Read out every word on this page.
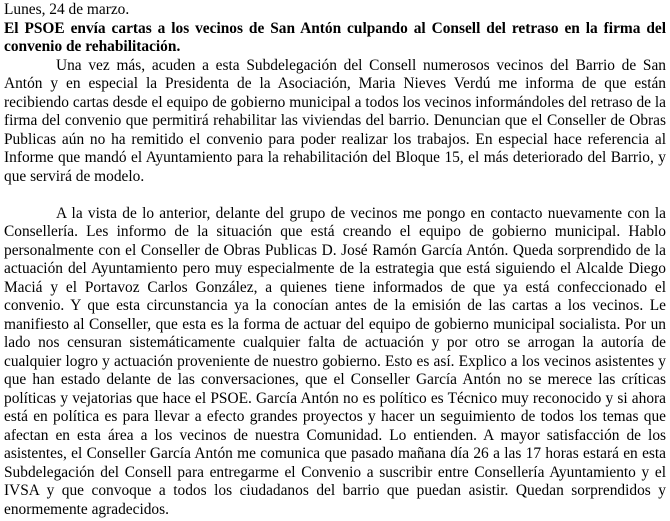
Lunes, 24 de marzo.

El PSOE envía cartas a los vecinos de San Antón culpando al Consell del retraso en la firma del convenio de rehabilitación.

Una vez más, acuden a esta Subdelegación del Consell numerosos vecinos del Barrio de San Antón y en especial la Presidenta de la Asociación, Maria Nieves Verdú me informa de que están recibiendo cartas desde el equipo de gobierno municipal a todos los vecinos informándoles del retraso de la firma del convenio que permitirá rehabilitar las viviendas del barrio. Denuncian que el Conseller de Obras Publicas aún no ha remitido el convenio para poder realizar los trabajos. En especial hace referencia al Informe que mandó el Ayuntamiento para la rehabilitación del Bloque 15, el más deteriorado del Barrio, y que servirá de modelo.

A la vista de lo anterior, delante del grupo de vecinos me pongo en contacto nuevamente con la Consellería. Les informo de la situación que está creando el equipo de gobierno municipal. Hablo personalmente con el Conseller de Obras Publicas D. José Ramón García Antón. Queda sorprendido de la actuación del Ayuntamiento pero muy especialmente de la estrategia que está siguiendo el Alcalde Diego Maciá y el Portavoz Carlos González, a quienes tiene informados de que ya está confeccionado el convenio. Y que esta circunstancia ya la conocían antes de la emisión de las cartas a los vecinos. Le manifiesto al Conseller, que esta es la forma de actuar del equipo de gobierno municipal socialista. Por un lado nos censuran sistemáticamente cualquier falta de actuación y por otro se arrogan la autoría de cualquier logro y actuación proveniente de nuestro gobierno. Esto es así. Explico a los vecinos asistentes y que han estado delante de las conversaciones, que el Conseller García Antón no se merece las críticas políticas y vejatorias que hace el PSOE. García Antón no es político es Técnico muy reconocido y si ahora está en política es para llevar a efecto grandes proyectos y hacer un seguimiento de todos los temas que afectan en esta área a los vecinos de nuestra Comunidad. Lo entienden. A mayor satisfacción de los asistentes, el Conseller García Antón me comunica que pasado mañana día 26 a las 17 horas estará en esta Subdelegación del Consell para entregarme el Convenio a suscribir entre Consellería Ayuntamiento y el IVSA y que convoque a todos los ciudadanos del barrio que puedan asistir. Quedan sorprendidos y enormemente agradecidos.
